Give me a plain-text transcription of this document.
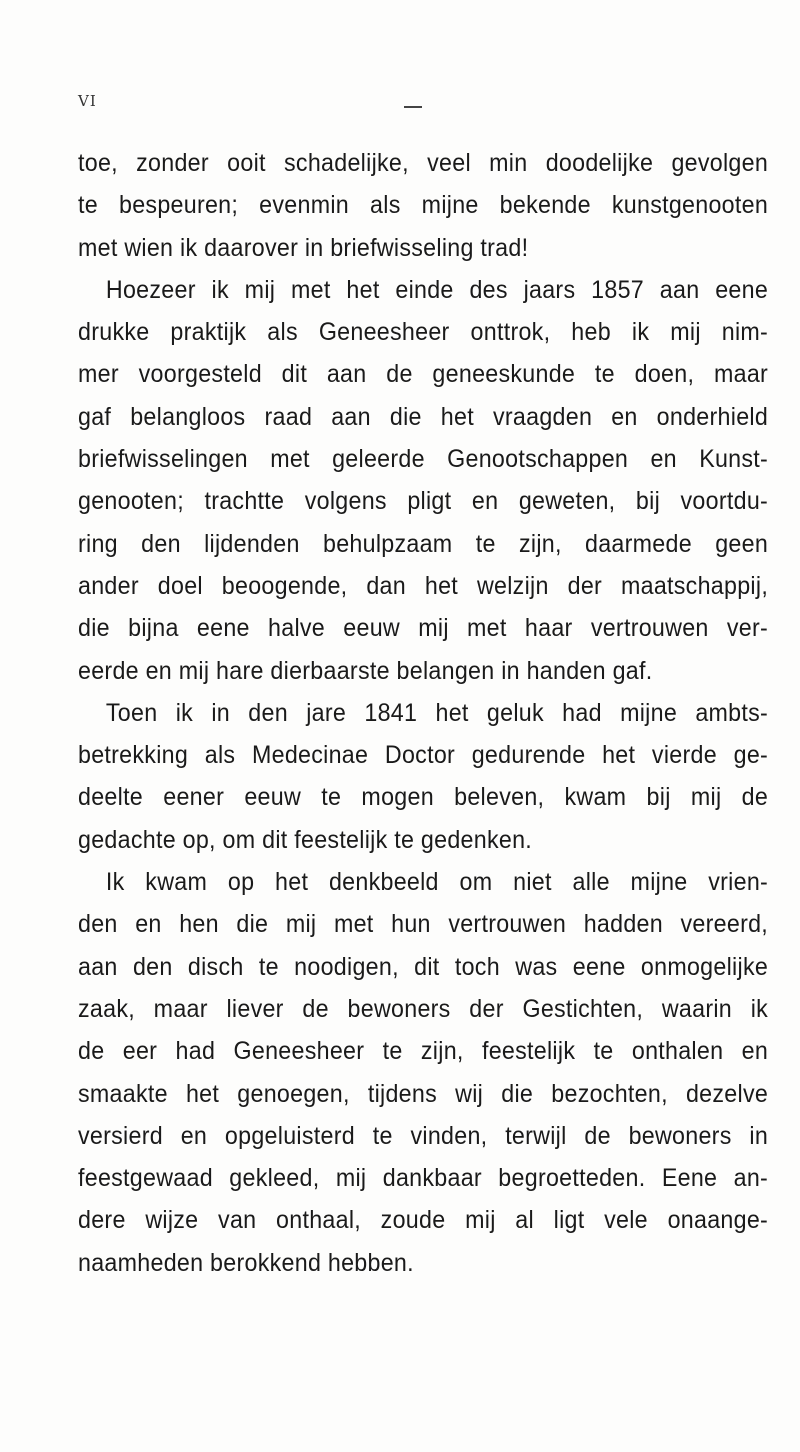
VI
toe, zonder ooit schadelijke, veel min doodelijke gevolgen
te bespeuren; evenmin als mijne bekende kunstgenooten
met wien ik daarover in briefwisseling trad!
Hoezeer ik mij met het einde des jaars 1857 aan eene
drukke praktijk als Geneesheer onttrok, heb ik mij nim-
mer voorgesteld dit aan de geneeskunde te doen, maar
gaf belangloos raad aan die het vraagden en onderhield
briefwisselingen met geleerde Genootschappen en Kunst-
genooten; trachtte volgens pligt en geweten, bij voortdu-
ring den lijdenden behulpzaam te zijn, daarmede geen
ander doel beoogende, dan het welzijn der maatschappij,
die bijna eene halve eeuw mij met haar vertrouwen ver-
eerde en mij hare dierbaarste belangen in handen gaf.
Toen ik in den jare 1841 het geluk had mijne ambts-
betrekking als Medecinae Doctor gedurende het vierde ge-
deelte eener eeuw te mogen beleven, kwam bij mij de
gedachte op, om dit feestelijk te gedenken.
Ik kwam op het denkbeeld om niet alle mijne vrien-
den en hen die mij met hun vertrouwen hadden vereerd,
aan den disch te noodigen, dit toch was eene onmogelijke
zaak, maar liever de bewoners der Gestichten, waarin ik
de eer had Geneesheer te zijn, feestelijk te onthalen en
smaakte het genoegen, tijdens wij die bezochten, dezelve
versierd en opgeluisterd te vinden, terwijl de bewoners in
feestgewaad gekleed, mij dankbaar begroetteden. Eene an-
dere wijze van onthaal, zoude mij al ligt vele onaange-
naamheden berokkend hebben.
